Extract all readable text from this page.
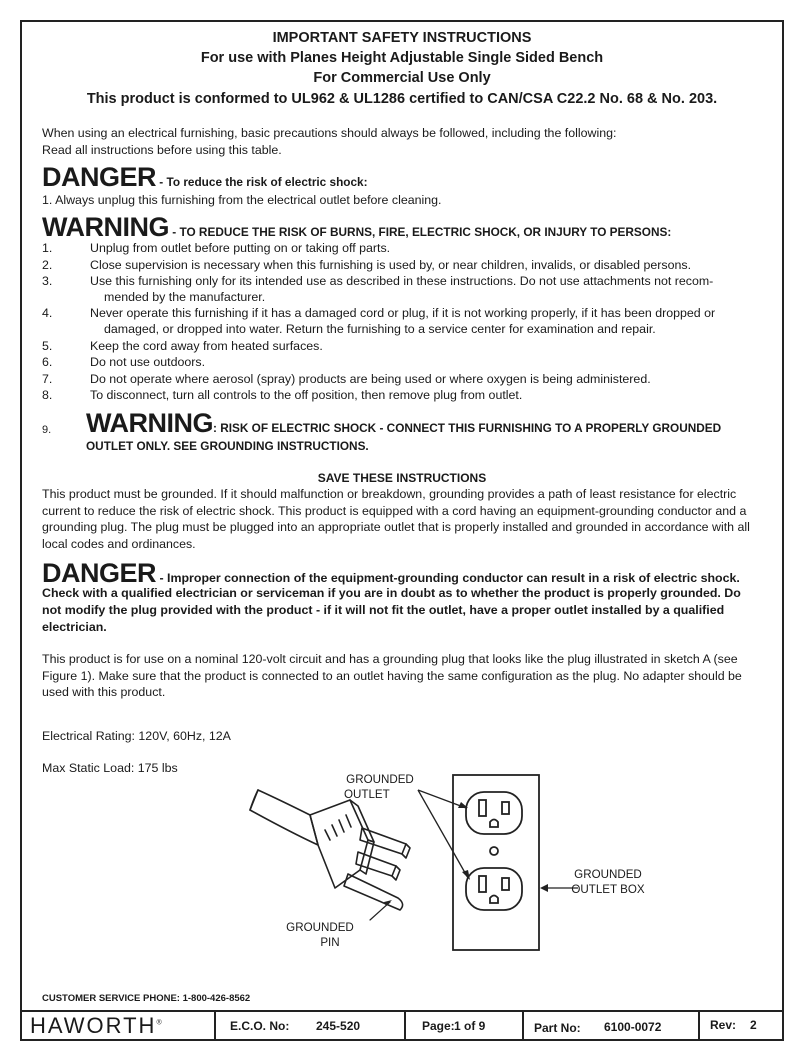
IMPORTANT SAFETY INSTRUCTIONS
For use with Planes Height Adjustable Single Sided Bench
For Commercial Use Only
This product is conformed to UL962 & UL1286 certified to CAN/CSA C22.2 No. 68 & No. 203.
When using an electrical furnishing, basic precautions should always be followed, including the following:
Read all instructions before using this table.
DANGER - To reduce the risk of electric shock:
1. Always unplug this furnishing from the electrical outlet before cleaning.
WARNING - TO REDUCE THE RISK OF BURNS, FIRE, ELECTRIC SHOCK, OR INJURY TO PERSONS:
1.	Unplug from outlet before putting on or taking off parts.
2.	Close supervision is necessary when this furnishing is used by, or near children, invalids, or disabled persons.
3.	Use this furnishing only for its intended use as described in these instructions. Do not use attachments not recom-
mended by the manufacturer.
4.	Never operate this furnishing if it has a damaged cord or plug, if it is not working properly, if it has been dropped or
damaged, or dropped into water. Return the furnishing to a service center for examination and repair.
5.	Keep the cord away from heated surfaces.
6.	Do not use outdoors.
7.	Do not operate where aerosol (spray) products are being used or where oxygen is being administered.
8.	To disconnect, turn all controls to the off position, then remove plug from outlet.
9. WARNING: RISK OF ELECTRIC SHOCK - CONNECT THIS FURNISHING TO A PROPERLY GROUNDED
OUTLET ONLY. SEE GROUNDING INSTRUCTIONS.
SAVE THESE INSTRUCTIONS
This product must be grounded. If it should malfunction or breakdown, grounding provides a path of least resistance for electric current to reduce the risk of electric shock. This product is equipped with a cord having an equipment-grounding conductor and a grounding plug. The plug must be plugged into an appropriate outlet that is properly installed and grounded in accordance with all local codes and ordinances.
DANGER - Improper connection of the equipment-grounding conductor can result in a risk of electric shock.
Check with a qualified electrician or serviceman if you are in doubt as to whether the product is properly grounded. Do not modify the plug provided with the product - if it will not fit the outlet, have a proper outlet installed by a qualified electrician.
This product is for use on a nominal 120-volt circuit and has a grounding plug that looks like the plug illustrated in sketch A (see Figure 1). Make sure that the product is connected to an outlet having the same configuration as the plug. No adapter should be used with this product.
Electrical Rating: 120V, 60Hz, 12A
Max Static Load: 175 lbs
GROUNDED
OUTLET
GROUNDED
OUTLET BOX
GROUNDED
PIN
CUSTOMER SERVICE PHONE: 1-800-426-8562
HAWORTH®	E.C.O. No: 245-520	Page: 1 of 9	Part No: 6100-0072	Rev: 2
